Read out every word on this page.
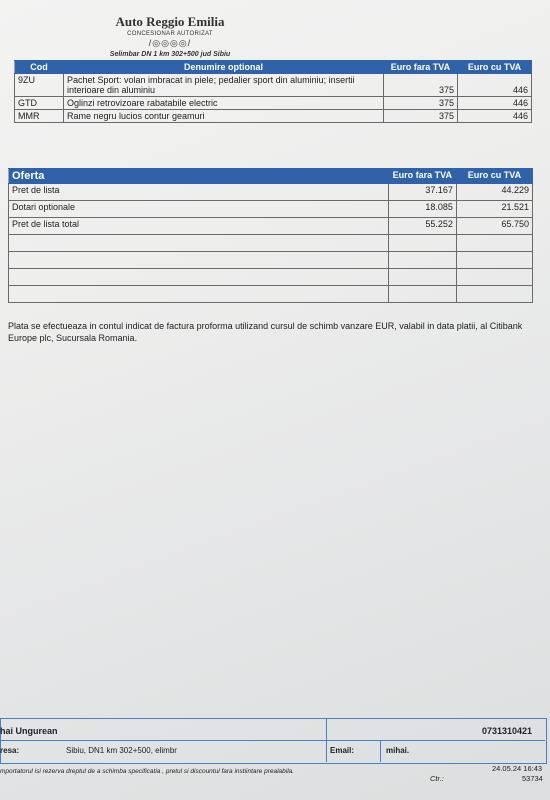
Auto Reggio Emilia
CONCESIONAR AUTORIZAT
/◎◎◎◎/
Selimbar DN 1 km 302+500 jud Sibiu
Telefon 0269229110 Fax 0269213667
Cod	Denumire optional	Euro fara TVA	Euro cu TVA
9ZU	Pachet Sport: volan imbracat in piele; pedalier sport din aluminiu; insertii interioare din aluminiu	375	446
GTD	Oglinzi retrovizoare rabatabile electric	375	446
MMR	Rame negru lucios contur geamuri	375	446
Oferta	Euro fara TVA	Euro cu TVA
Pret de lista	37.167	44.229
Dotari optionale	18.085	21.521
Pret de lista total	55.252	65.750

Plata se efectueaza in contul indicat de factura proforma utilizand cursul de schimb vanzare EUR, valabil in data platii, al Citibank Europe plc, Sucursala Romania.
hai Ungurean	0731310421
resa:	Sibiu, DN1 km 302+500, elimbr	Email:	mihai.
mportatorul isi rezerva dreptul de a schimba specificatia , pretul si discountul fara instiintare prealabila.	24.05.24 16:43
Ctr.:	53734
